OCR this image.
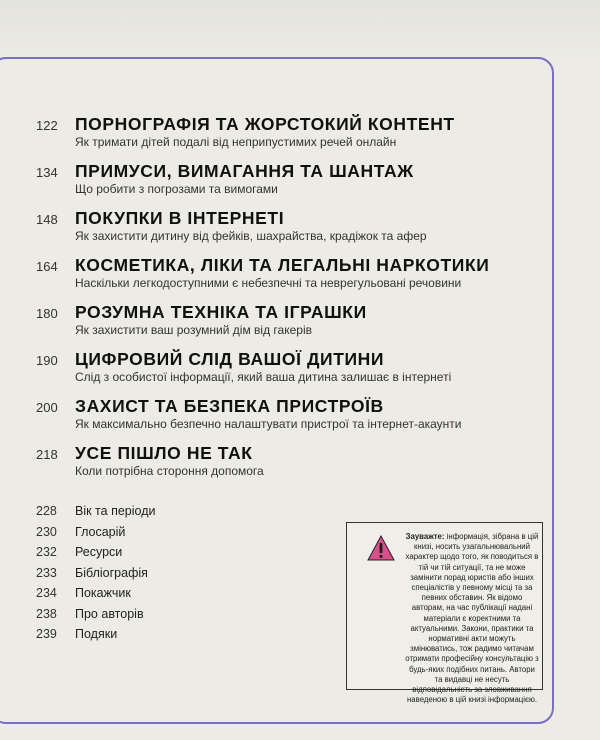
122 ПОРНОГРАФІЯ ТА ЖОРСТОКИЙ КОНТЕНТ
Як тримати дітей подалі від неприпустимих речей онлайн
134 ПРИМУСИ, ВИМАГАННЯ ТА ШАНТАЖ
Що робити з погрозами та вимогами
148 ПОКУПКИ В ІНТЕРНЕТІ
Як захистити дитину від фейків, шахрайства, крадіжок та афер
164 КОСМЕТИКА, ЛІКИ ТА ЛЕГАЛЬНІ НАРКОТИКИ
Наскільки легкодоступними є небезпечні та неврегульовані речовини
180 РОЗУМНА ТЕХНІКА ТА ІГРАШКИ
Як захистити ваш розумний дім від гакерів
190 ЦИФРОВИЙ СЛІД ВАШОЇ ДИТИНИ
Слід з особистої інформації, який ваша дитина залишає в інтернеті
200 ЗАХИСТ ТА БЕЗПЕКА ПРИСТРОЇВ
Як максимально безпечно налаштувати пристрої та інтернет-акаунти
218 УСЕ ПІШЛО НЕ ТАК
Коли потрібна стороння допомога
228	Вік та періоди
230	Глосарій
232	Ресурси
233	Бібліографія
234	Покажчик
238	Про авторів
239	Подяки
Зауважте: інформація, зібрана в цій книзі, носить узагальнювальний характер щодо того, як поводиться в тій чи тій ситуації, та не може замінити порад юристів або інших спеціалістів у певному місці та за певних обставин. Як відомо авторам, на час публікації надані матеріали є коректними та актуальними. Закони, практики та нормативні акти можуть змінюватись, тож радимо читачам отримати професійну консультацію з будь-яких подібних питань. Автори та видавці не несуть відповідальність за зловживання наведеною в цій книзі інформацією.
